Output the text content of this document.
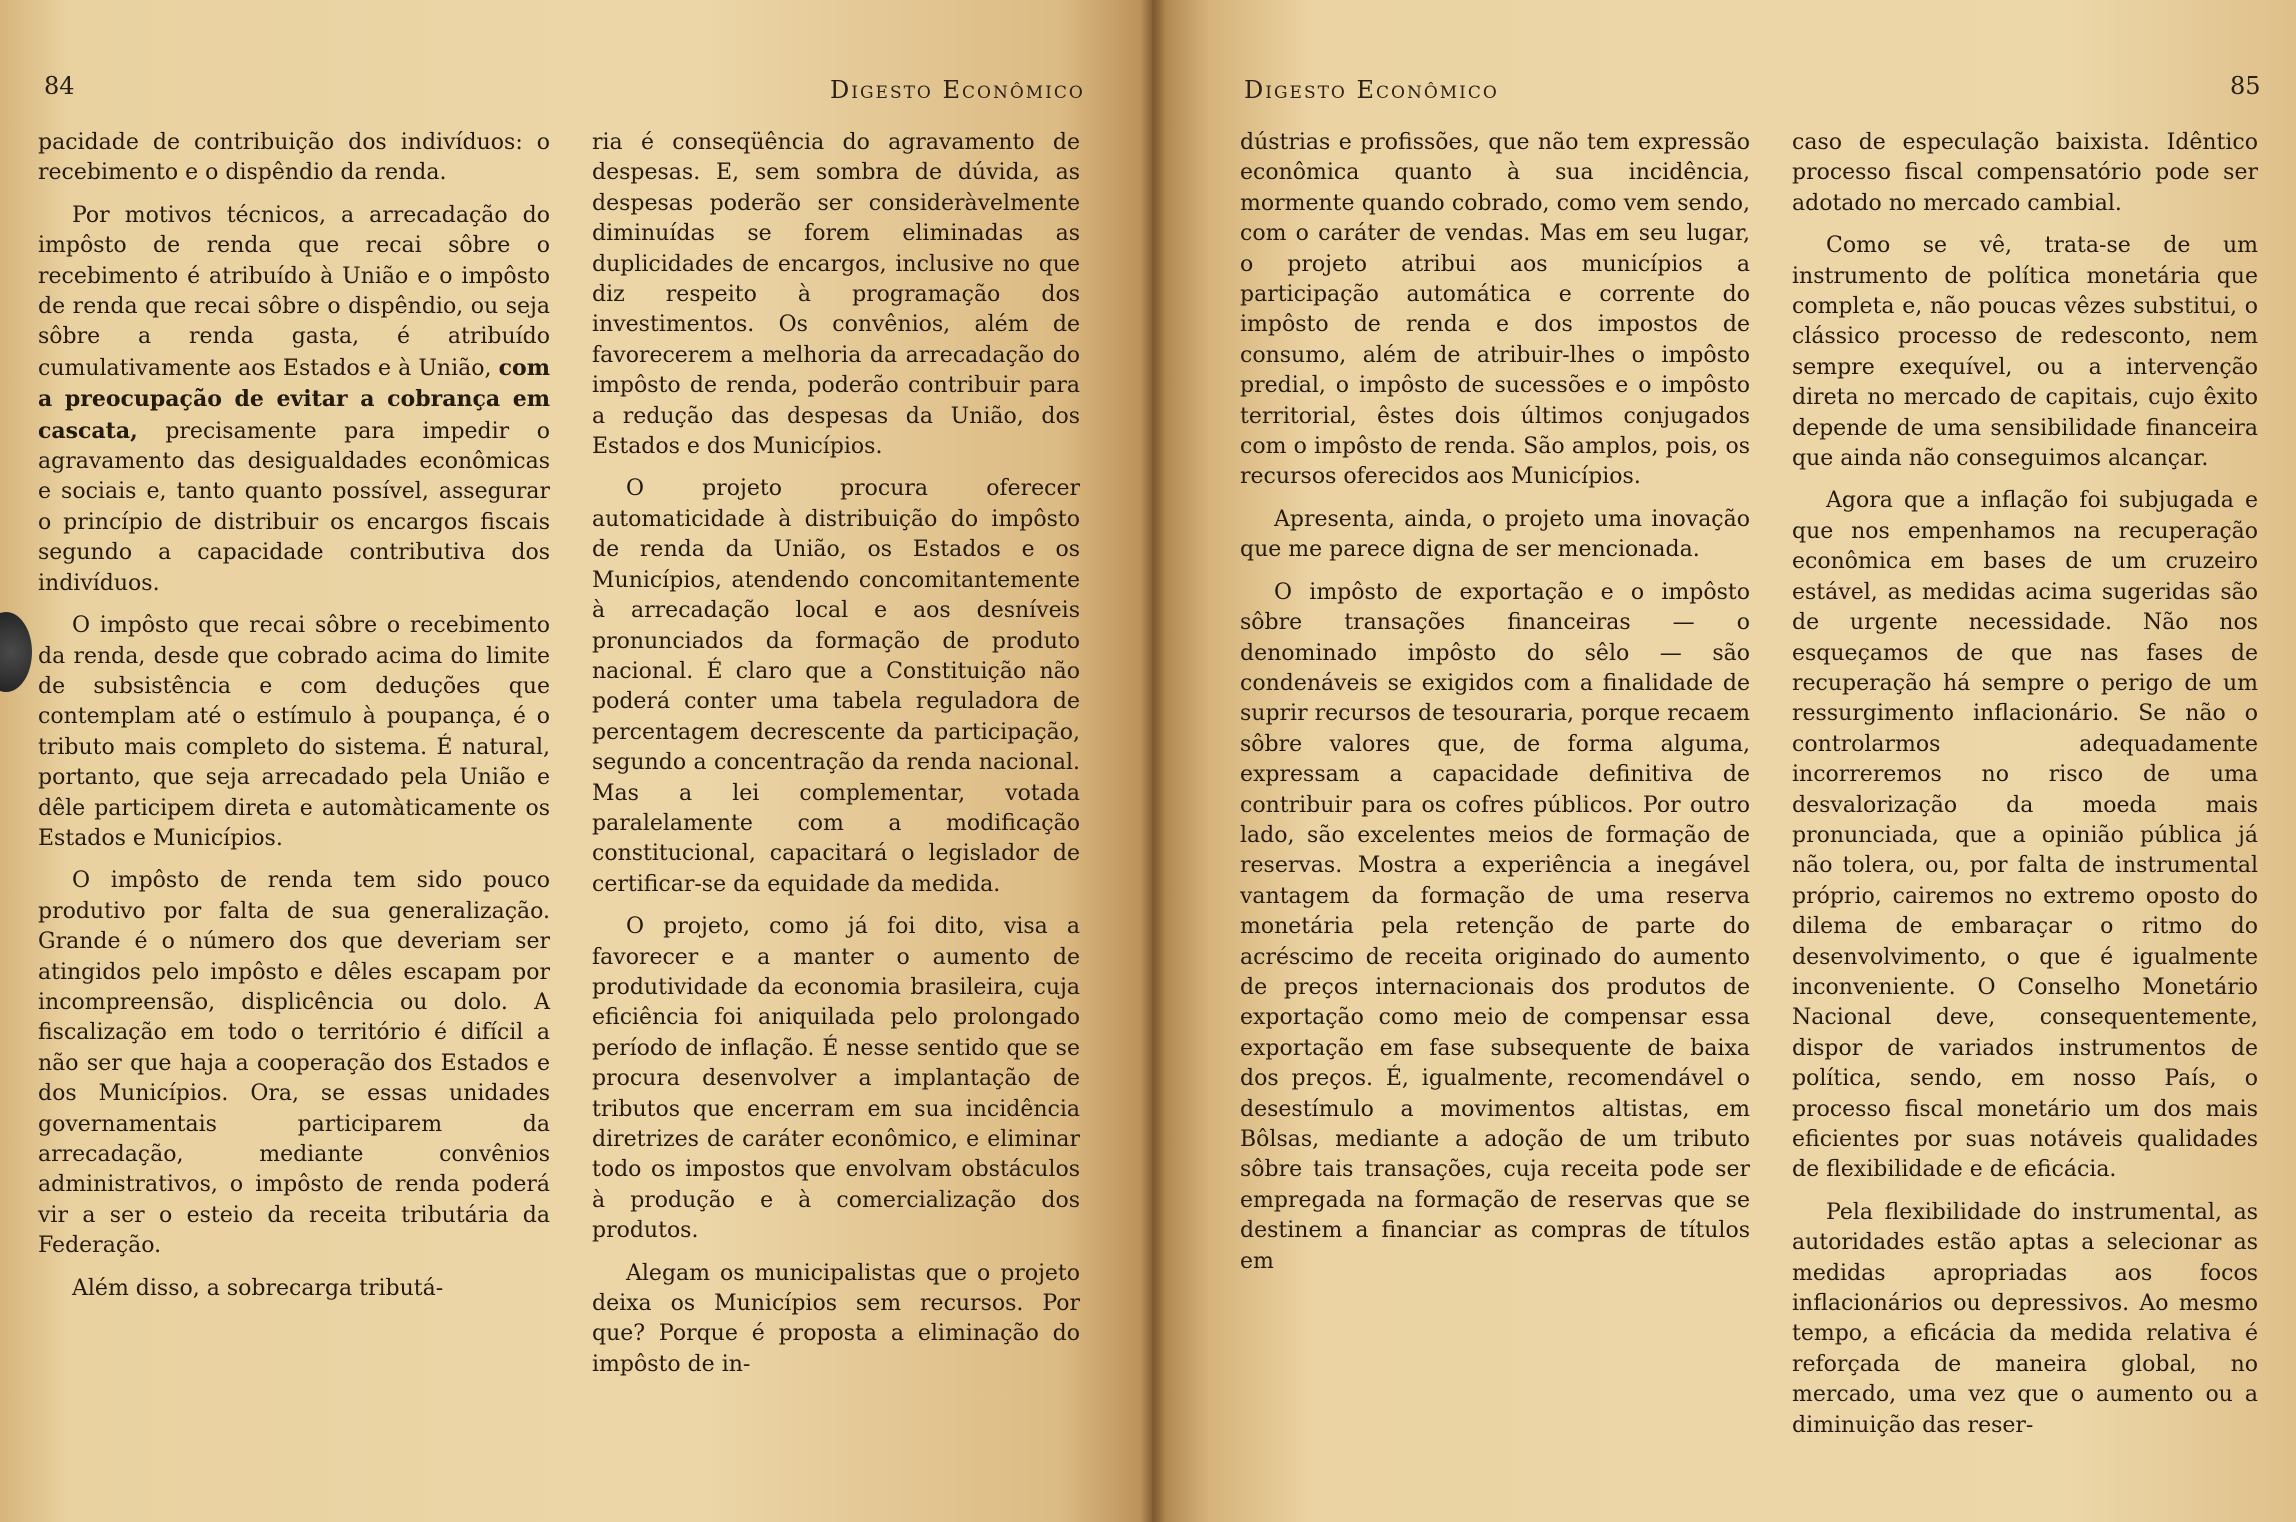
84	Digesto Econômico

pacidade de contribuição dos indivíduos: o recebimento e o dispêndio da renda.

Por motivos técnicos, a arrecadação do impôsto de renda que recai sôbre o recebimento é atribuído à União e o impôsto de renda que recai sôbre o dispêndio, ou seja sôbre a renda gasta, é atribuído cumulativamente aos Estados e à União, com a preocupação de evitar a cobrança em cascata, precisamente para impedir o agravamento das desigualdades econômicas e sociais e, tanto quanto possível, assegurar o princípio de distribuir os encargos fiscais segundo a capacidade contributiva dos indivíduos.

O impôsto que recai sôbre o recebimento da renda, desde que cobrado acima do limite de subsistência e com deduções que contemplam até o estímulo à poupança, é o tributo mais completo do sistema. É natural, portanto, que seja arrecadado pela União e dêle participem direta e automàticamente os Estados e Municípios.

O impôsto de renda tem sido pouco produtivo por falta de sua generalização. Grande é o número dos que deveriam ser atingidos pelo impôsto e dêles escapam por incompreensão, displicência ou dolo. A fiscalização em todo o território é difícil a não ser que haja a cooperação dos Estados e dos Municípios. Ora, se essas unidades governamentais participarem da arrecadação, mediante convênios administrativos, o impôsto de renda poderá vir a ser o esteio da receita tributária da Federação.

Além disso, a sobrecarga tributá-

ria é conseqüência do agravamento de despesas. E, sem sombra de dúvida, as despesas poderão ser consideràvelmente diminuídas se forem eliminadas as duplicidades de encargos, inclusive no que diz respeito à programação dos investimentos. Os convênios, além de favorecerem a melhoria da arrecadação do impôsto de renda, poderão contribuir para a redução das despesas da União, dos Estados e dos Municípios.

O projeto procura oferecer automaticidade à distribuição do impôsto de renda da União, os Estados e os Municípios, atendendo concomitantemente à arrecadação local e aos desníveis pronunciados da formação de produto nacional. É claro que a Constituição não poderá conter uma tabela reguladora de percentagem decrescente da participação, segundo a concentração da renda nacional. Mas a lei complementar, votada paralelamente com a modificação constitucional, capacitará o legislador de certificar-se da equidade da medida.

O projeto, como já foi dito, visa a favorecer e a manter o aumento de produtividade da economia brasileira, cuja eficiência foi aniquilada pelo prolongado período de inflação. É nesse sentido que se procura desenvolver a implantação de tributos que encerram em sua incidência diretrizes de caráter econômico, e eliminar todo os impostos que envolvam obstáculos à produção e à comercialização dos produtos.

Alegam os municipalistas que o projeto deixa os Municípios sem recursos. Por que? Porque é proposta a eliminação do impôsto de in-

Digesto Econômico	85

dústrias e profissões, que não tem expressão econômica quanto à sua incidência, mormente quando cobrado, como vem sendo, com o caráter de vendas. Mas em seu lugar, o projeto atribui aos municípios a participação automática e corrente do impôsto de renda e dos impostos de consumo, além de atribuir-lhes o impôsto predial, o impôsto de sucessões e o impôsto territorial, êstes dois últimos conjugados com o impôsto de renda. São amplos, pois, os recursos oferecidos aos Municípios.

Apresenta, ainda, o projeto uma inovação que me parece digna de ser mencionada.

O impôsto de exportação e o impôsto sôbre transações financeiras — o denominado impôsto do sêlo — são condenáveis se exigidos com a finalidade de suprir recursos de tesouraria, porque recaem sôbre valores que, de forma alguma, expressam a capacidade definitiva de contribuir para os cofres públicos. Por outro lado, são excelentes meios de formação de reservas. Mostra a experiência a inegável vantagem da formação de uma reserva monetária pela retenção de parte do acréscimo de receita originado do aumento de preços internacionais dos produtos de exportação como meio de compensar essa exportação em fase subsequente de baixa dos preços. É, igualmente, recomendável o desestímulo a movimentos altistas, em Bôlsas, mediante a adoção de um tributo sôbre tais transações, cuja receita pode ser empregada na formação de reservas que se destinem a financiar as compras de títulos em

caso de especulação baixista. Idêntico processo fiscal compensatório pode ser adotado no mercado cambial.

Como se vê, trata-se de um instrumento de política monetária que completa e, não poucas vêzes substitui, o clássico processo de redesconto, nem sempre exequível, ou a intervenção direta no mercado de capitais, cujo êxito depende de uma sensibilidade financeira que ainda não conseguimos alcançar.

Agora que a inflação foi subjugada e que nos empenhamos na recuperação econômica em bases de um cruzeiro estável, as medidas acima sugeridas são de urgente necessidade. Não nos esqueçamos de que nas fases de recuperação há sempre o perigo de um ressurgimento inflacionário. Se não o controlarmos adequadamente incorreremos no risco de uma desvalorização da moeda mais pronunciada, que a opinião pública já não tolera, ou, por falta de instrumental próprio, cairemos no extremo oposto do dilema de embaraçar o ritmo do desenvolvimento, o que é igualmente inconveniente. O Conselho Monetário Nacional deve, consequentemente, dispor de variados instrumentos de política, sendo, em nosso País, o processo fiscal monetário um dos mais eficientes por suas notáveis qualidades de flexibilidade e de eficácia.

Pela flexibilidade do instrumental, as autoridades estão aptas a selecionar as medidas apropriadas aos focos inflacionários ou depressivos. Ao mesmo tempo, a eficácia da medida relativa é reforçada de maneira global, no mercado, uma vez que o aumento ou a diminuição das reser-
